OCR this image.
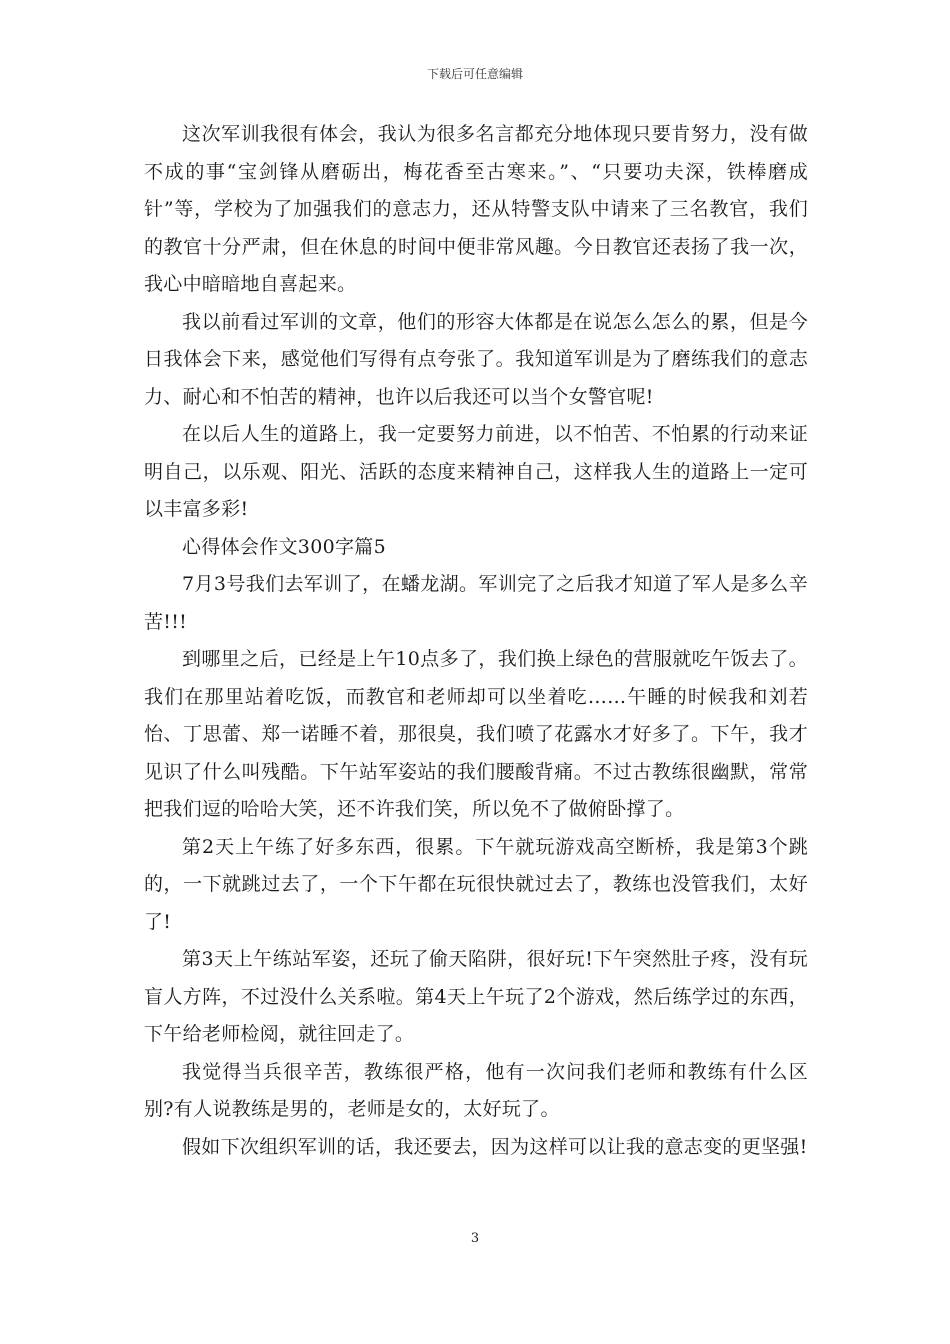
下载后可任意编辑

这次军训我很有体会，我认为很多名言都充分地体现只要肯努力，没有做不成的事“宝剑锋从磨砺出，梅花香至古寒来。”、“只要功夫深，铁棒磨成针”等，学校为了加强我们的意志力，还从特警支队中请来了三名教官，我们的教官十分严肃，但在休息的时间中便非常风趣。今日教官还表扬了我一次，我心中暗暗地自喜起来。

我以前看过军训的文章，他们的形容大体都是在说怎么怎么的累，但是今日我体会下来，感觉他们写得有点夸张了。我知道军训是为了磨练我们的意志力、耐心和不怕苦的精神，也许以后我还可以当个女警官呢!

在以后人生的道路上，我一定要努力前进，以不怕苦、不怕累的行动来证明自己，以乐观、阳光、活跃的态度来精神自己，这样我人生的道路上一定可以丰富多彩!

心得体会作文300字篇5

7月3号我们去军训了，在蟠龙湖。军训完了之后我才知道了军人是多么辛苦!!!

到哪里之后，已经是上午10点多了，我们换上绿色的营服就吃午饭去了。我们在那里站着吃饭，而教官和老师却可以坐着吃……午睡的时候我和刘若怡、丁思蕾、郑一诺睡不着，那很臭，我们喷了花露水才好多了。下午，我才见识了什么叫残酷。下午站军姿站的我们腰酸背痛。不过古教练很幽默，常常把我们逗的哈哈大笑，还不许我们笑，所以免不了做俯卧撑了。

第2天上午练了好多东西，很累。下午就玩游戏高空断桥，我是第3个跳的，一下就跳过去了，一个下午都在玩很快就过去了，教练也没管我们，太好了!

第3天上午练站军姿，还玩了偷天陷阱，很好玩!下午突然肚子疼，没有玩盲人方阵，不过没什么关系啦。第4天上午玩了2个游戏，然后练学过的东西，下午给老师检阅，就往回走了。

我觉得当兵很辛苦，教练很严格，他有一次问我们老师和教练有什么区别?有人说教练是男的，老师是女的，太好玩了。

假如下次组织军训的话，我还要去，因为这样可以让我的意志变的更坚强!

3
